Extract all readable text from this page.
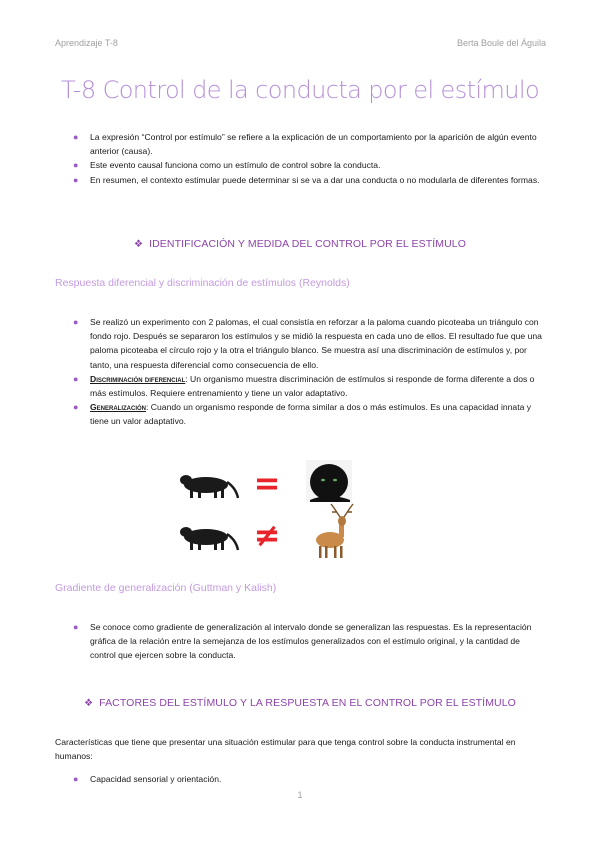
Aprendizaje T-8	Berta Boule del Águila
T-8 Control de la conducta por el estímulo
● La expresión “Control por estímulo” se refiere a la explicación de un comportamiento por la aparición de algún evento anterior (causa).
● Este evento causal funciona como un estímulo de control sobre la conducta.
● En resumen, el contexto estimular puede determinar si se va a dar una conducta o no modularla de diferentes formas.
❖ IDENTIFICACIÓN Y MEDIDA DEL CONTROL POR EL ESTÍMULO
Respuesta diferencial y discriminación de estímulos (Reynolds)
● Se realizó un experimento con 2 palomas, el cual consistía en reforzar a la paloma cuando picoteaba un triángulo con fondo rojo. Después se separaron los estímulos y se midió la respuesta en cada uno de ellos. El resultado fue que una paloma picoteaba el círculo rojo y la otra el triángulo blanco. Se muestra así una discriminación de estímulos y, por tanto, una respuesta diferencial como consecuencia de ello.
● Discriminación diferencial: Un organismo muestra discriminación de estímulos si responde de forma diferente a dos o más estímulos. Requiere entrenamiento y tiene un valor adaptativo.
● Generalización: Cuando un organismo responde de forma similar a dos o más estímulos. Es una capacidad innata y tiene un valor adaptativo.
=
≠
Gradiente de generalización (Guttman y Kalish)
● Se conoce como gradiente de generalización al intervalo donde se generalizan las respuestas. Es la representación gráfica de la relación entre la semejanza de los estímulos generalizados con el estímulo original, y la cantidad de control que ejercen sobre la conducta.
❖ FACTORES DEL ESTÍMULO Y LA RESPUESTA EN EL CONTROL POR EL ESTÍMULO
Características que tiene que presentar una situación estimular para que tenga control sobre la conducta instrumental en humanos:
● Capacidad sensorial y orientación.
1
